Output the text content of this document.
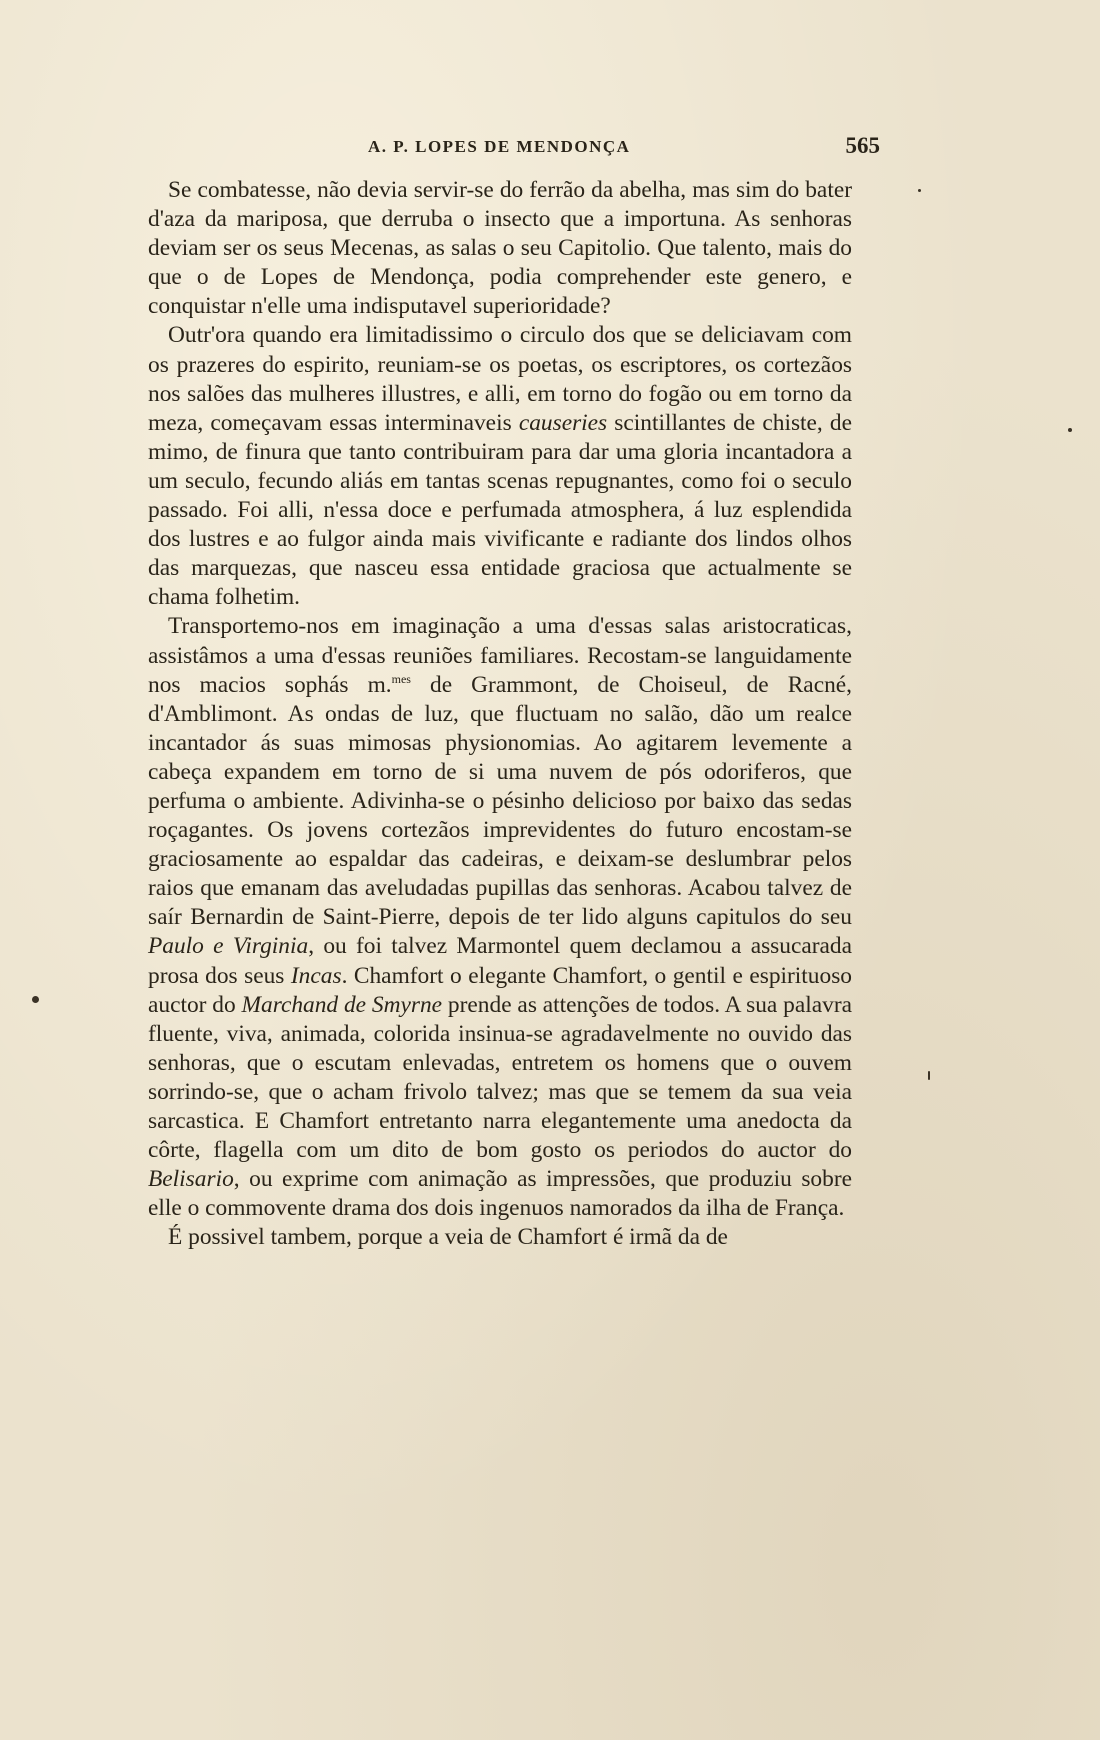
A. P. LOPES DE MENDONÇA	565

Se combatesse, não devia servir-se do ferrão da abelha, mas sim do bater d'aza da mariposa, que derruba o insecto que a importuna. As senhoras deviam ser os seus Mecenas, as salas o seu Capitolio. Que talento, mais do que o de Lopes de Mendonça, podia comprehender este genero, e conquistar n'elle uma indisputavel superioridade?

Outr'ora quando era limitadissimo o circulo dos que se deliciavam com os prazeres do espirito, reuniam-se os poetas, os escriptores, os cortezãos nos salões das mulheres illustres, e alli, em torno do fogão ou em torno da meza, começavam essas interminaveis causeries scintillantes de chiste, de mimo, de finura que tanto contribuiram para dar uma gloria incantadora a um seculo, fecundo aliás em tantas scenas repugnantes, como foi o seculo passado. Foi alli, n'essa doce e perfumada atmosphera, á luz esplendida dos lustres e ao fulgor ainda mais vivificante e radiante dos lindos olhos das marquezas, que nasceu essa entidade graciosa que actualmente se chama folhetim.

Transportemo-nos em imaginação a uma d'essas salas aristocraticas, assistâmos a uma d'essas reuniões familiares. Recostam-se languidamente nos macios sophás m.$^{mes}$ de Grammont, de Choiseul, de Racné, d'Amblimont. As ondas de luz, que fluctuam no salão, dão um realce incantador ás suas mimosas physionomias. Ao agitarem levemente a cabeça expandem em torno de si uma nuvem de pós odoriferos, que perfuma o ambiente. Adivinha-se o pésinho delicioso por baixo das sedas roçagantes. Os jovens cortezãos imprevidentes do futuro encostam-se graciosamente ao espaldar das cadeiras, e deixam-se deslumbrar pelos raios que emanam das aveludadas pupillas das senhoras. Acabou talvez de saír Bernardin de Saint-Pierre, depois de ter lido alguns capitulos do seu Paulo e Virginia, ou foi talvez Marmontel quem declamou a assucarada prosa dos seus Incas. Chamfort o elegante Chamfort, o gentil e espirituoso auctor do Marchand de Smyrne prende as attenções de todos. A sua palavra fluente, viva, animada, colorida insinua-se agradavelmente no ouvido das senhoras, que o escutam enlevadas, entretem os homens que o ouvem sorrindo-se, que o acham frivolo talvez; mas que se temem da sua veia sarcastica. E Chamfort entretanto narra elegantemente uma anedocta da côrte, flagella com um dito de bom gosto os periodos do auctor do Belisario, ou exprime com animação as impressões, que produziu sobre elle o commovente drama dos dois ingenuos namorados da ilha de França.

É possivel tambem, porque a veia de Chamfort é irmã da de
